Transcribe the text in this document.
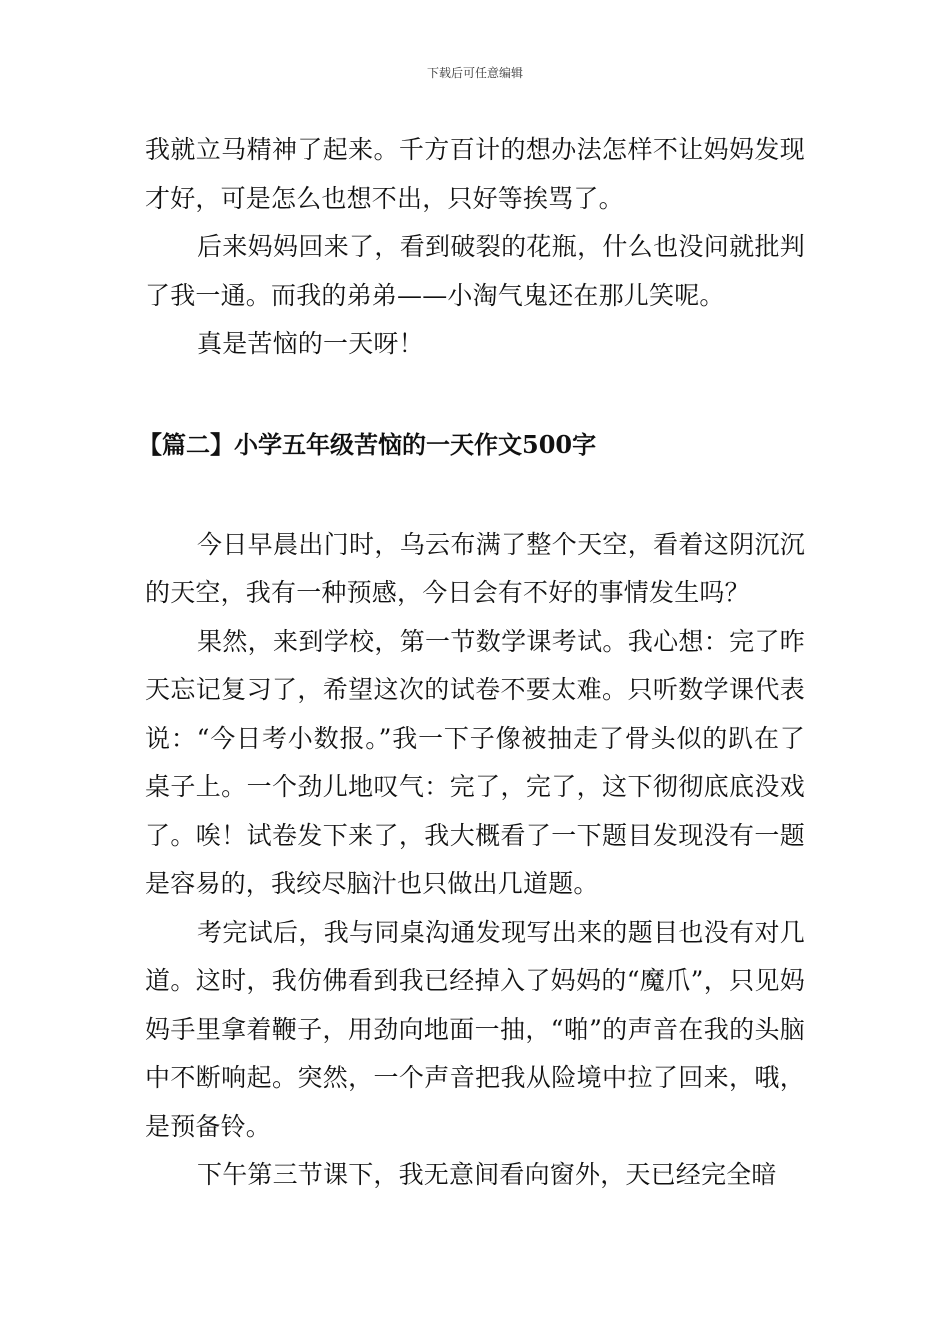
下载后可任意编辑

我就立马精神了起来。千方百计的想办法怎样不让妈妈发现才好，可是怎么也想不出，只好等挨骂了。

后来妈妈回来了，看到破裂的花瓶，什么也没问就批判了我一通。而我的弟弟——小淘气鬼还在那儿笑呢。

真是苦恼的一天呀！

【篇二】小学五年级苦恼的一天作文500字

今日早晨出门时，乌云布满了整个天空，看着这阴沉沉的天空，我有一种预感，今日会有不好的事情发生吗？

果然，来到学校，第一节数学课考试。我心想：完了昨天忘记复习了，希望这次的试卷不要太难。只听数学课代表说：“今日考小数报。”我一下子像被抽走了骨头似的趴在了桌子上。一个劲儿地叹气：完了，完了，这下彻彻底底没戏了。唉！试卷发下来了，我大概看了一下题目发现没有一题是容易的，我绞尽脑汁也只做出几道题。

考完试后，我与同桌沟通发现写出来的题目也没有对几道。这时，我仿佛看到我已经掉入了妈妈的“魔爪”，只见妈妈手里拿着鞭子，用劲向地面一抽，“啪”的声音在我的头脑中不断响起。突然，一个声音把我从险境中拉了回来，哦，是预备铃。

下午第三节课下，我无意间看向窗外，天已经完全暗
